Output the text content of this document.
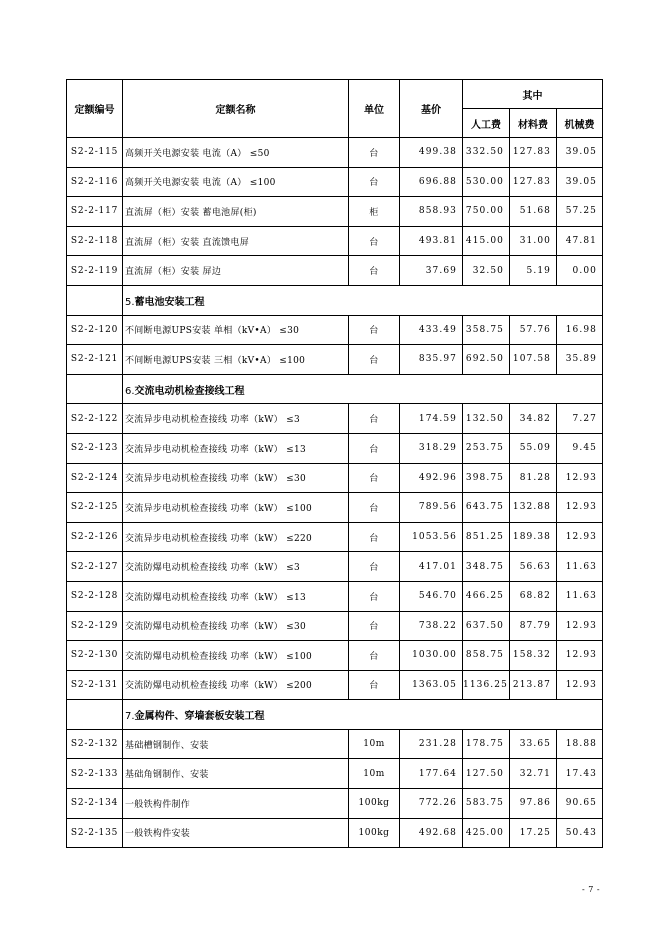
定额编号	定额名称	单位	基价	其中		
				人工费	材料费	机械费
S2-2-115	高频开关电源安装 电流（A） ≤50	台	499.38	332.50	127.83	39.05
S2-2-116	高频开关电源安装 电流（A） ≤100	台	696.88	530.00	127.83	39.05
S2-2-117	直流屏（柜）安装 蓄电池屏(柜)	柜	858.93	750.00	51.68	57.25
S2-2-118	直流屏（柜）安装 直流馈电屏	台	493.81	415.00	31.00	47.81
S2-2-119	直流屏（柜）安装 屏边	台	37.69	32.50	5.19	0.00
	5.蓄电池安装工程					
S2-2-120	不间断电源UPS安装 单相（kV•A） ≤30	台	433.49	358.75	57.76	16.98
S2-2-121	不间断电源UPS安装 三相（kV•A） ≤100	台	835.97	692.50	107.58	35.89
	6.交流电动机检查接线工程					
S2-2-122	交流异步电动机检查接线 功率（kW） ≤3	台	174.59	132.50	34.82	7.27
S2-2-123	交流异步电动机检查接线 功率（kW） ≤13	台	318.29	253.75	55.09	9.45
S2-2-124	交流异步电动机检查接线 功率（kW） ≤30	台	492.96	398.75	81.28	12.93
S2-2-125	交流异步电动机检查接线 功率（kW） ≤100	台	789.56	643.75	132.88	12.93
S2-2-126	交流异步电动机检查接线 功率（kW） ≤220	台	1053.56	851.25	189.38	12.93
S2-2-127	交流防爆电动机检查接线 功率（kW） ≤3	台	417.01	348.75	56.63	11.63
S2-2-128	交流防爆电动机检查接线 功率（kW） ≤13	台	546.70	466.25	68.82	11.63
S2-2-129	交流防爆电动机检查接线 功率（kW） ≤30	台	738.22	637.50	87.79	12.93
S2-2-130	交流防爆电动机检查接线 功率（kW） ≤100	台	1030.00	858.75	158.32	12.93
S2-2-131	交流防爆电动机检查接线 功率（kW） ≤200	台	1363.05	1136.25	213.87	12.93
	7.金属构件、穿墙套板安装工程					
S2-2-132	基础槽钢制作、安装	10m	231.28	178.75	33.65	18.88
S2-2-133	基础角钢制作、安装	10m	177.64	127.50	32.71	17.43
S2-2-134	一般铁构件制作	100kg	772.26	583.75	97.86	90.65
S2-2-135	一般铁构件安装	100kg	492.68	425.00	17.25	50.43
- 7 -
